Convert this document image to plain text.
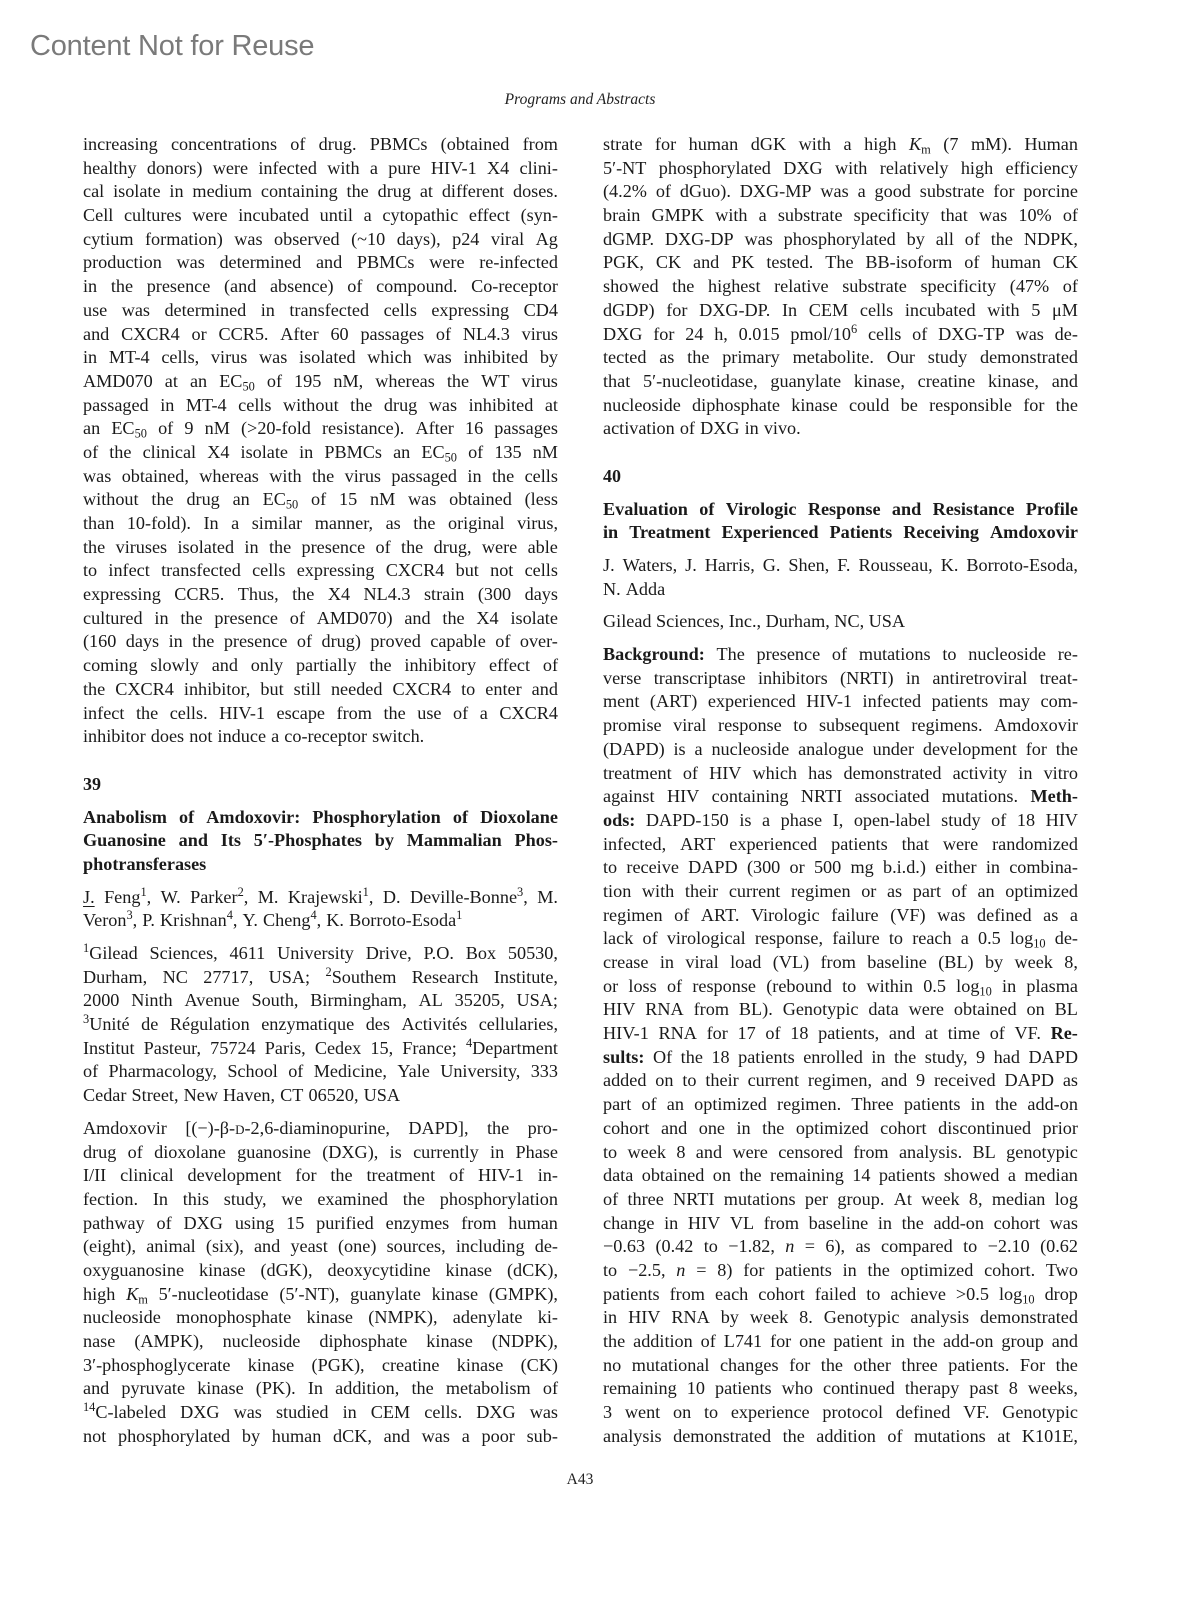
Content Not for Reuse
Programs and Abstracts
increasing concentrations of drug. PBMCs (obtained from
healthy donors) were infected with a pure HIV-1 X4 clini-
cal isolate in medium containing the drug at different doses.
Cell cultures were incubated until a cytopathic effect (syn-
cytium formation) was observed (~10 days), p24 viral Ag
production was determined and PBMCs were re-infected
in the presence (and absence) of compound. Co-receptor
use was determined in transfected cells expressing CD4
and CXCR4 or CCR5. After 60 passages of NL4.3 virus
in MT-4 cells, virus was isolated which was inhibited by
AMD070 at an $EC_{50}$ of 195 nM, whereas the WT virus
passaged in MT-4 cells without the drug was inhibited at
an $EC_{50}$ of 9 nM (>20-fold resistance). After 16 passages
of the clinical X4 isolate in PBMCs an $EC_{50}$ of 135 nM
was obtained, whereas with the virus passaged in the cells
without the drug an $EC_{50}$ of 15 nM was obtained (less
than 10-fold). In a similar manner, as the original virus,
the viruses isolated in the presence of the drug, were able
to infect transfected cells expressing CXCR4 but not cells
expressing CCR5. Thus, the X4 NL4.3 strain (300 days
cultured in the presence of AMD070) and the X4 isolate
(160 days in the presence of drug) proved capable of over-
coming slowly and only partially the inhibitory effect of
the CXCR4 inhibitor, but still needed CXCR4 to enter and
infect the cells. HIV-1 escape from the use of a CXCR4
inhibitor does not induce a co-receptor switch.
39
Anabolism of Amdoxovir: Phosphorylation of Dioxolane
Guanosine and Its 5′-Phosphates by Mammalian Phos-
photransferases
J. Feng$^1$, W. Parker$^2$, M. Krajewski$^1$, D. Deville-Bonne$^3$, M.
Veron$^3$, P. Krishnan$^4$, Y. Cheng$^4$, K. Borroto-Esoda$^1$
$^1$Gilead Sciences, 4611 University Drive, P.O. Box 50530,
Durham, NC 27717, USA; $^2$Southem Research Institute,
2000 Ninth Avenue South, Birmingham, AL 35205, USA;
$^3$Unité de Régulation enzymatique des Activités cellularies,
Institut Pasteur, 75724 Paris, Cedex 15, France; $^4$Department
of Pharmacology, School of Medicine, Yale University, 333
Cedar Street, New Haven, CT 06520, USA
Amdoxovir [(−)-β-d-2,6-diaminopurine, DAPD], the pro-
drug of dioxolane guanosine (DXG), is currently in Phase
I/II clinical development for the treatment of HIV-1 in-
fection. In this study, we examined the phosphorylation
pathway of DXG using 15 purified enzymes from human
(eight), animal (six), and yeast (one) sources, including de-
oxyguanosine kinase (dGK), deoxycytidine kinase (dCK),
high $K_m$ 5′-nucleotidase (5′-NT), guanylate kinase (GMPK),
nucleoside monophosphate kinase (NMPK), adenylate ki-
nase (AMPK), nucleoside diphosphate kinase (NDPK),
3′-phosphoglycerate kinase (PGK), creatine kinase (CK)
and pyruvate kinase (PK). In addition, the metabolism of
$^{14}$C-labeled DXG was studied in CEM cells. DXG was
not phosphorylated by human dCK, and was a poor sub-
strate for human dGK with a high $K_m$ (7 mM). Human
5′-NT phosphorylated DXG with relatively high efficiency
(4.2% of dGuo). DXG-MP was a good substrate for porcine
brain GMPK with a substrate specificity that was 10% of
dGMP. DXG-DP was phosphorylated by all of the NDPK,
PGK, CK and PK tested. The BB-isoform of human CK
showed the highest relative substrate specificity (47% of
dGDP) for DXG-DP. In CEM cells incubated with 5 μM
DXG for 24 h, 0.015 pmol/$10^6$ cells of DXG-TP was de-
tected as the primary metabolite. Our study demonstrated
that 5′-nucleotidase, guanylate kinase, creatine kinase, and
nucleoside diphosphate kinase could be responsible for the
activation of DXG in vivo.
40
Evaluation of Virologic Response and Resistance Profile
in Treatment Experienced Patients Receiving Amdoxovir
J. Waters, J. Harris, G. Shen, F. Rousseau, K. Borroto-Esoda,
N. Adda
Gilead Sciences, Inc., Durham, NC, USA
Background: The presence of mutations to nucleoside re-
verse transcriptase inhibitors (NRTI) in antiretroviral treat-
ment (ART) experienced HIV-1 infected patients may com-
promise viral response to subsequent regimens. Amdoxovir
(DAPD) is a nucleoside analogue under development for the
treatment of HIV which has demonstrated activity in vitro
against HIV containing NRTI associated mutations. Meth-
ods: DAPD-150 is a phase I, open-label study of 18 HIV
infected, ART experienced patients that were randomized
to receive DAPD (300 or 500 mg b.i.d.) either in combina-
tion with their current regimen or as part of an optimized
regimen of ART. Virologic failure (VF) was defined as a
lack of virological response, failure to reach a 0.5 $\log_{10} de-$
crease in viral load (VL) from baseline (BL) by week 8,
or loss of response (rebound to within 0.5 $\log_{10}$ in plasma
HIV RNA from BL). Genotypic data were obtained on BL
HIV-1 RNA for 17 of 18 patients, and at time of VF. Re-
sults: Of the 18 patients enrolled in the study, 9 had DAPD
added on to their current regimen, and 9 received DAPD as
part of an optimized regimen. Three patients in the add-on
cohort and one in the optimized cohort discontinued prior
to week 8 and were censored from analysis. BL genotypic
data obtained on the remaining 14 patients showed a median
of three NRTI mutations per group. At week 8, median log
change in HIV VL from baseline in the add-on cohort was
−0.63 (0.42 to −1.82, n = 6), as compared to −2.10 (0.62
to −2.5, n = 8) for patients in the optimized cohort. Two
patients from each cohort failed to achieve >0.5 $\log_{10}$ drop
in HIV RNA by week 8. Genotypic analysis demonstrated
the addition of L741 for one patient in the add-on group and
no mutational changes for the other three patients. For the
remaining 10 patients who continued therapy past 8 weeks,
3 went on to experience protocol defined VF. Genotypic
analysis demonstrated the addition of mutations at K101E,
A43
